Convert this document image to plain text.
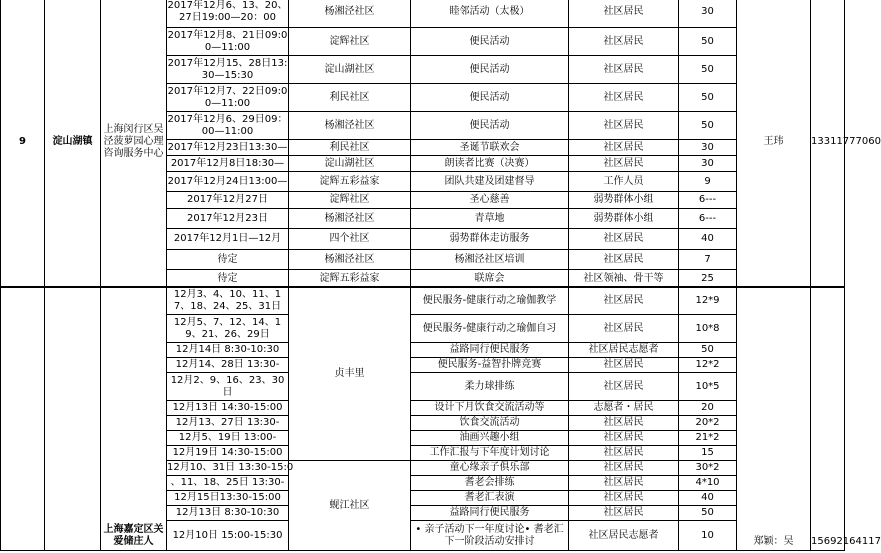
9	淀山湖镇	上海闵行区吴泾菠萝园心理咨询服务中心	2017年12月6、13、20、27日19:00—20：00	杨湘泾社区	睦邻活动（太极）	社区居民	30	王玮	13311777060
			2017年12月8、21日09:00—11:00	淀辉社区	便民活动	社区居民	50		
			2017年12月15、28日13:30—15:30	淀山湖社区	便民活动	社区居民	50		
			2017年12月7、22日09:00—11:00	利民社区	便民活动	社区居民	50		
			2017年12月6、29日09：00—11:00	杨湘泾社区	便民活动	社区居民	50		
			2017年12月23日13:30—	利民社区	圣诞节联欢会	社区居民	30		
			2017年12月8日18:30—	淀山湖社区	朗读者比赛（决赛）	社区居民	30		
			2017年12月24日13:00—	淀辉五彩益家	团队共建及团建督导	工作人员	9		
			2017年12月27日	淀辉社区	圣心慈善	弱势群体小组	6---		
			2017年12月23日	杨湘泾社区	青草地	弱势群体小组	6---		
			2017年12月1日—12月	四个社区	弱势群体走访服务	社区居民	40		
			待定	杨湘泾社区	杨湘泾社区培训	社区居民	7		
			待定	淀辉五彩益家	联席会	社区领袖、骨干等	25		
		上海嘉定区关爱储庄人	12月3、4、10、11、17、18、24、25、31日	贞丰里	便民服务-健康行动之瑜伽教学	社区居民	12*9	郑颖：吴	15692164117
			12月5、7、12、14、19、21、26、29日		便民服务-健康行动之瑜伽自习	社区居民	10*8		
			12月14日 8:30-10:30		益路同行便民服务	社区居民志愿者	50		
			12月14、28日 13:30-		便民服务-益智扑牌竞赛	社区居民	12*2		
			12月2、9、16、23、30日		柔力球排练	社区居民	10*5		
			12月13日 14:30-15:00		设计下月饮食交流活动等	志愿者・居民	20		
			12月13、27日 13:30-		饮食交流活动	社区居民	20*2		
			12月5、19日 13:00-		油画兴趣小组	社区居民	21*2		
			12月19日 14:30-15:00		工作汇报与下年度计划讨论	社区居民	15		
			12月10、31日 13:30-15:0	蚬江社区	童心缘亲子俱乐部	社区居民	30*2		
			、11、18、25日 13:30-		耆老会排练	社区居民	4*10		
			12月15日13:30-15:00		耆老汇表演	社区居民	40		
			12月13日 8:30-10:30		益路同行便民服务	社区居民	50		
			12月10日 15:00-15:30		• 亲子活动下一年度讨论• 耆老汇下一阶段活动安排讨	社区居民志愿者	10		
